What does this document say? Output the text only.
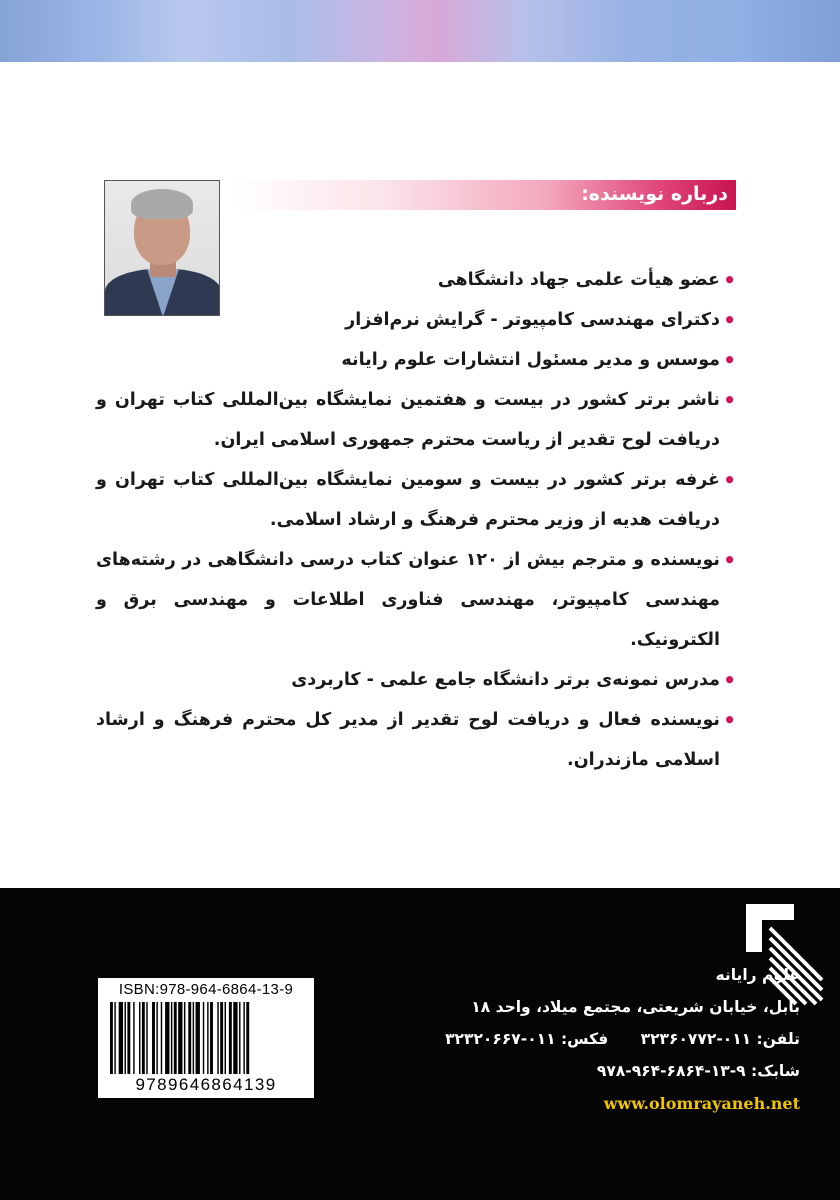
درباره نویسنده:
• عضو هیأت علمی جهاد دانشگاهی
• دکترای مهندسی کامپیوتر - گرایش نرم‌افزار
• موسس و مدیر مسئول انتشارات علوم رایانه
• ناشر برتر کشور در بیست و هفتمین نمایشگاه بین‌المللی کتاب تهران و دریافت لوح تقدیر از ریاست محترم جمهوری اسلامی ایران.
• غرفه برتر کشور در بیست و سومین نمایشگاه بین‌المللی کتاب تهران و دریافت هدیه از وزیر محترم فرهنگ و ارشاد اسلامی.
• نویسنده و مترجم بیش از ۱۲۰ عنوان کتاب درسی دانشگاهی در رشته‌های مهندسی کامپیوتر، مهندسی فناوری اطلاعات و مهندسی برق و الکترونیک.
• مدرس نمونه‌ی برتر دانشگاه جامع علمی - کاربردی
• نویسنده فعال و دریافت لوح تقدیر از مدیر کل محترم فرهنگ و ارشاد اسلامی مازندران.
علوم رایانه
بابل، خیابان شریعتی، مجتمع میلاد، واحد ۱۸
تلفن: ۰۱۱-۳۲۳۶۰۷۷۲      فکس: ۰۱۱-۳۲۳۲۰۶۶۷
شابک: ۹-۱۳-۶۸۶۴-۹۶۴-۹۷۸
www.olomrayaneh.net
ISBN:978-964-6864-13-9
9789646864139
